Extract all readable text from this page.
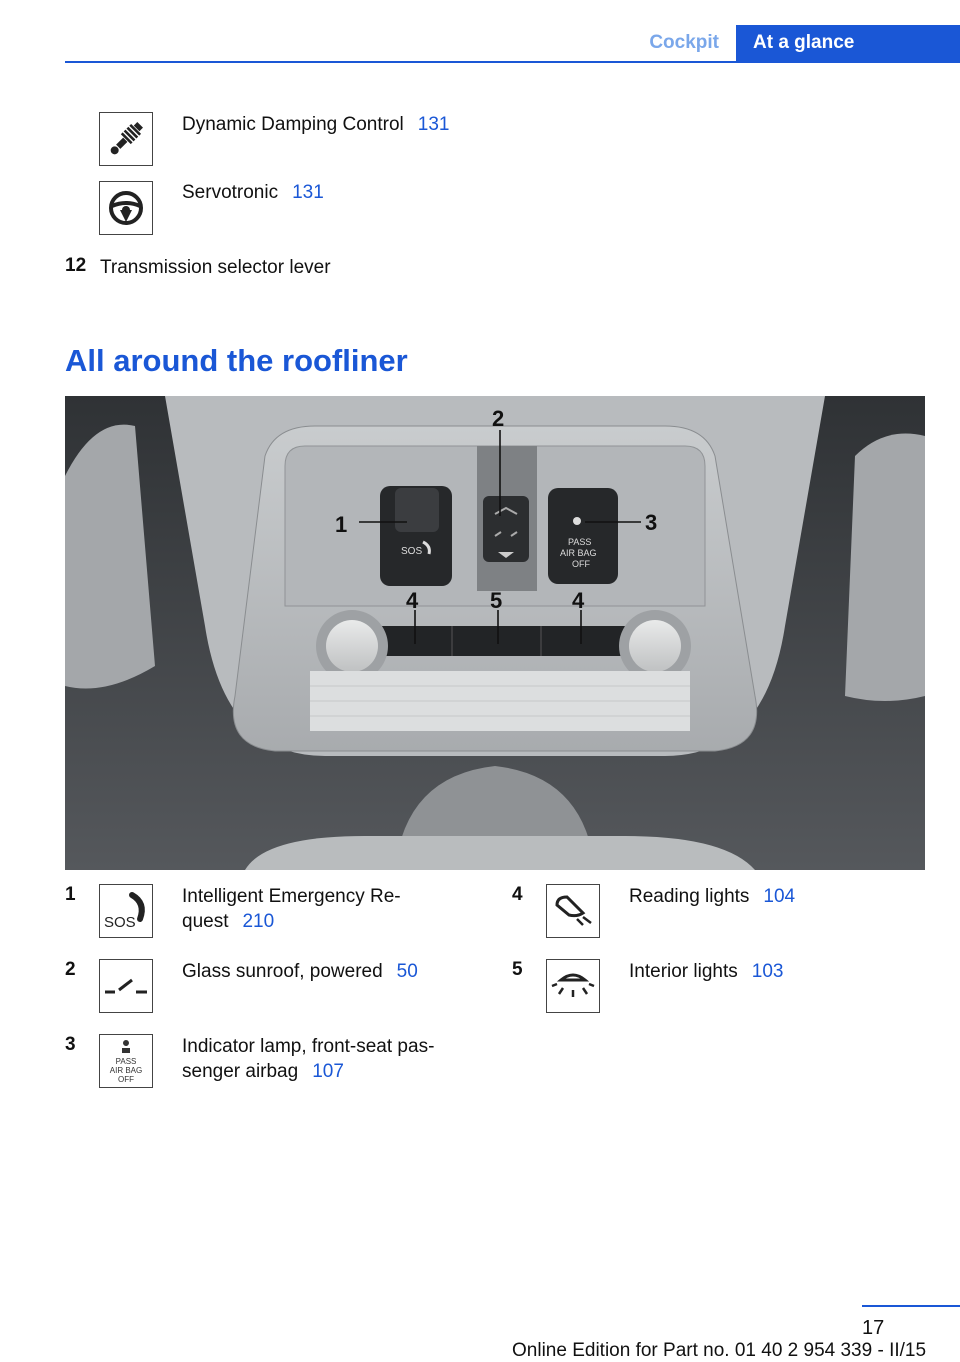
Cockpit	At a glance
Dynamic Damping Control 131
Servotronic 131
12 Transmission selector lever
All around the roofliner
SOS
PASS
AIR BAG
OFF
1
2
3
4	5	4
1
SOS
Intelligent Emergency Re-
quest 210
2	Glass sunroof, powered 50
3
PASS
AIR BAG
OFF
Indicator lamp, front-seat pas-
senger airbag 107
4	Reading lights 104
5	Interior lights 103
17
Online Edition for Part no. 01 40 2 954 339 - II/15
